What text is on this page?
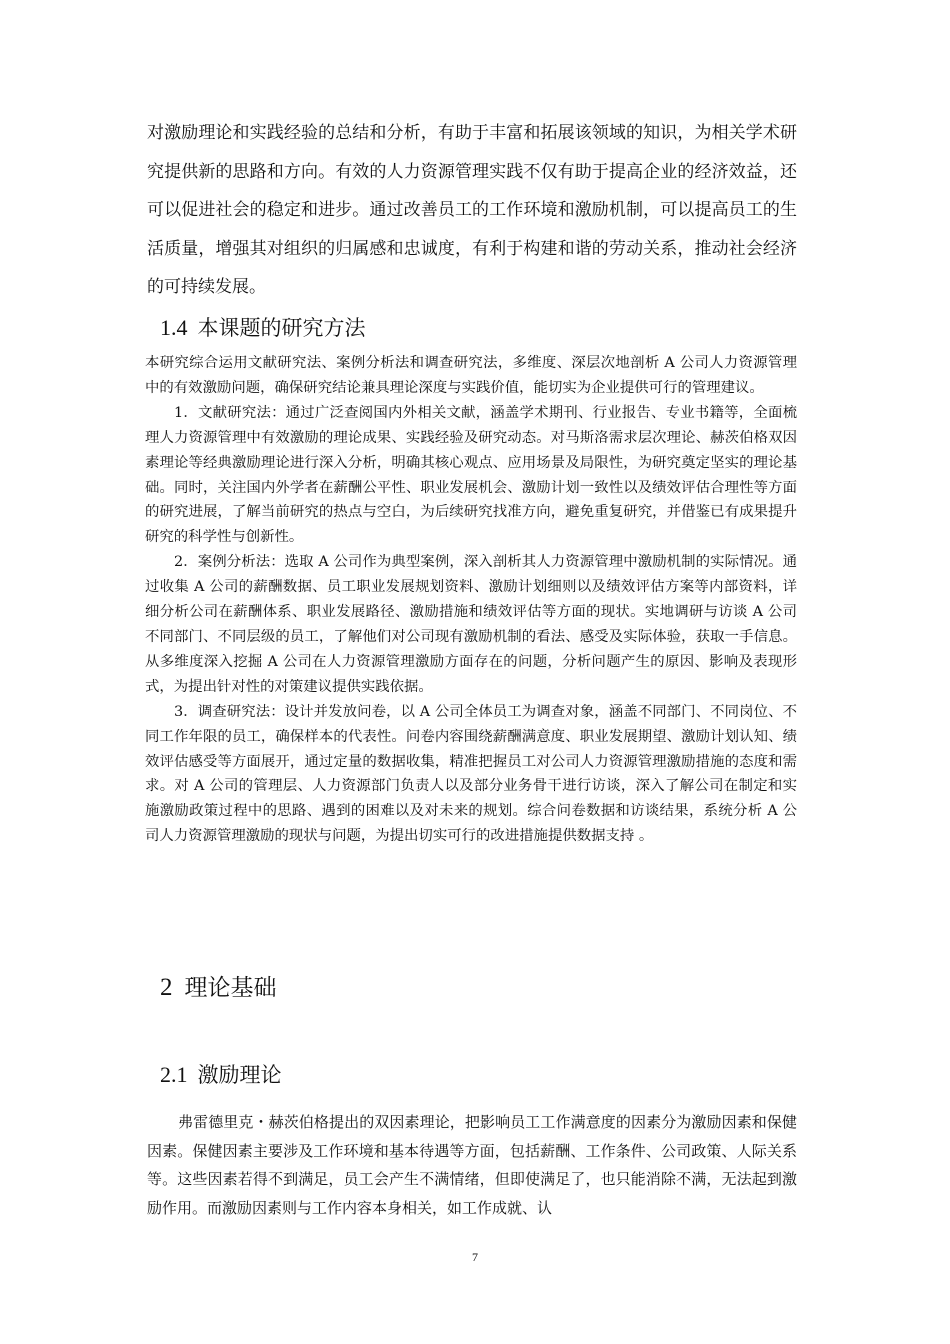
对激励理论和实践经验的总结和分析，有助于丰富和拓展该领域的知识，为相关学术研究提供新的思路和方向。有效的人力资源管理实践不仅有助于提高企业的经济效益，还可以促进社会的稳定和进步。通过改善员工的工作环境和激励机制，可以提高员工的生活质量，增强其对组织的归属感和忠诚度，有利于构建和谐的劳动关系，推动社会经济的可持续发展。

1.4 本课题的研究方法

本研究综合运用文献研究法、案例分析法和调查研究法，多维度、深层次地剖析 A 公司人力资源管理中的有效激励问题，确保研究结论兼具理论深度与实践价值，能切实为企业提供可行的管理建议。

1．文献研究法：通过广泛查阅国内外相关文献，涵盖学术期刊、行业报告、专业书籍等，全面梳理人力资源管理中有效激励的理论成果、实践经验及研究动态。对马斯洛需求层次理论、赫茨伯格双因素理论等经典激励理论进行深入分析，明确其核心观点、应用场景及局限性，为研究奠定坚实的理论基础。同时，关注国内外学者在薪酬公平性、职业发展机会、激励计划一致性以及绩效评估合理性等方面的研究进展，了解当前研究的热点与空白，为后续研究找准方向，避免重复研究，并借鉴已有成果提升研究的科学性与创新性。

2．案例分析法：选取 A 公司作为典型案例，深入剖析其人力资源管理中激励机制的实际情况。通过收集 A 公司的薪酬数据、员工职业发展规划资料、激励计划细则以及绩效评估方案等内部资料，详细分析公司在薪酬体系、职业发展路径、激励措施和绩效评估等方面的现状。实地调研与访谈 A 公司不同部门、不同层级的员工，了解他们对公司现有激励机制的看法、感受及实际体验，获取一手信息。从多维度深入挖掘 A 公司在人力资源管理激励方面存在的问题，分析问题产生的原因、影响及表现形式，为提出针对性的对策建议提供实践依据。

3．调查研究法：设计并发放问卷，以 A 公司全体员工为调查对象，涵盖不同部门、不同岗位、不同工作年限的员工，确保样本的代表性。问卷内容围绕薪酬满意度、职业发展期望、激励计划认知、绩效评估感受等方面展开，通过定量的数据收集，精准把握员工对公司人力资源管理激励措施的态度和需求。对 A 公司的管理层、人力资源部门负责人以及部分业务骨干进行访谈，深入了解公司在制定和实施激励政策过程中的思路、遇到的困难以及对未来的规划。综合问卷数据和访谈结果，系统分析 A 公司人力资源管理激励的现状与问题，为提出切实可行的改进措施提供数据支持 。

2 理论基础
2.1 激励理论

弗雷德里克・赫茨伯格提出的双因素理论，把影响员工工作满意度的因素分为激励因素和保健因素。保健因素主要涉及工作环境和基本待遇等方面，包括薪酬、工作条件、公司政策、人际关系等。这些因素若得不到满足，员工会产生不满情绪，但即使满足了，也只能消除不满，无法起到激励作用。而激励因素则与工作内容本身相关，如工作成就、认

7
